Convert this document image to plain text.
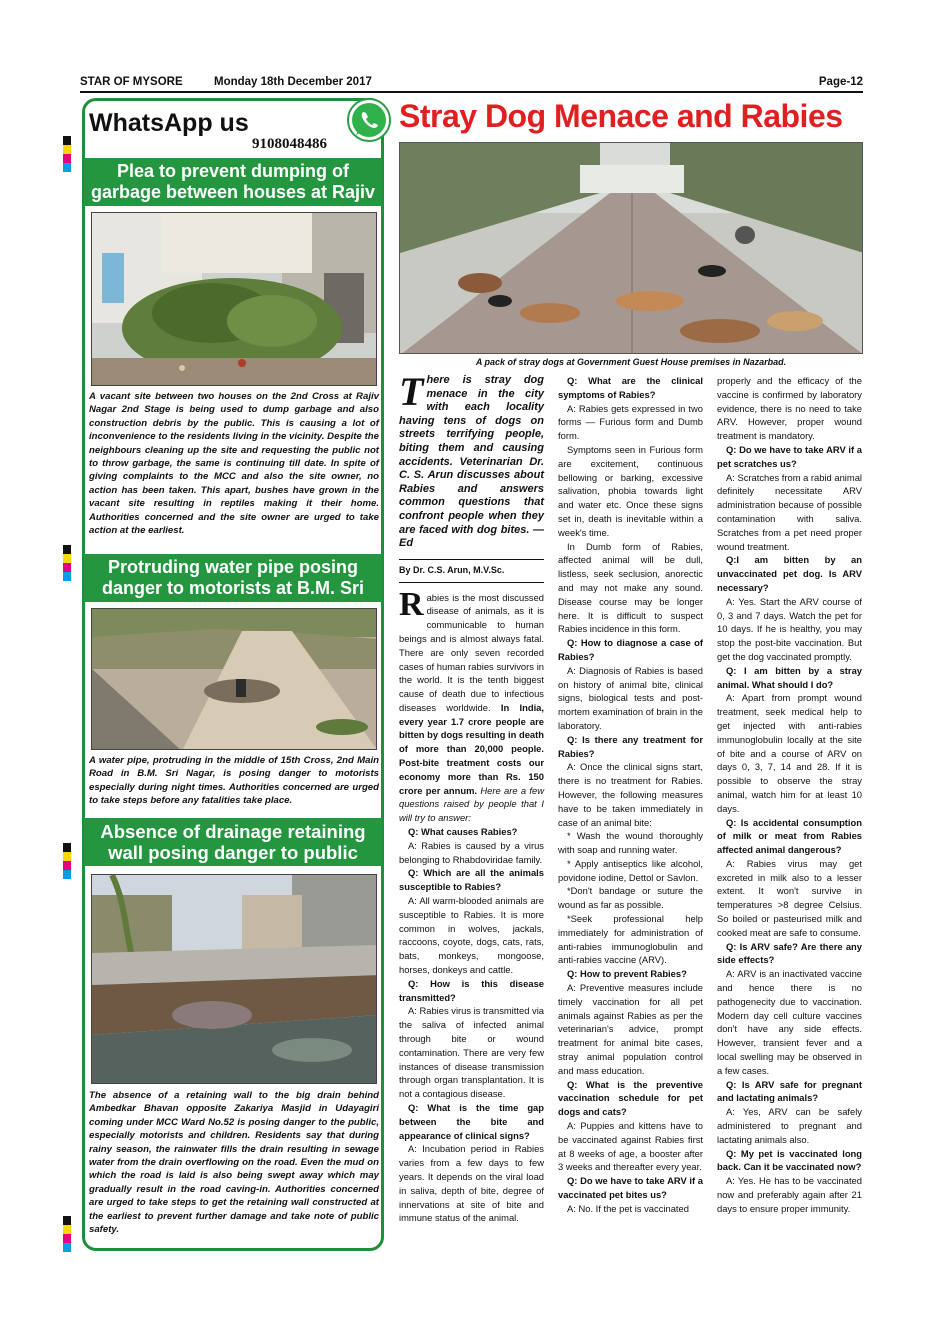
STAR OF MYSORE	Monday 18th December 2017	Page-12
WhatsApp us
9108048486
Plea to prevent dumping of garbage between houses at Rajiv
A vacant site between two houses on the 2nd Cross at Rajiv Nagar 2nd Stage is being used to dump garbage and also construction debris by the public. This is causing a lot of inconvenience to the residents living in the vicinity. Despite the neighbours cleaning up the site and requesting the public not to throw garbage, the same is continuing till date. In spite of giving complaints to the MCC and also the site owner, no action has been taken. This apart, bushes have grown in the vacant site resulting in reptiles making it their home. Authorities concerned and the site owner are urged to take action at the earliest.
Protruding water pipe posing danger to motorists at B.M. Sri
A water pipe, protruding in the middle of 15th Cross, 2nd Main Road in B.M. Sri Nagar, is posing danger to motorists especially during night times. Authorities concerned are urged to take steps before any fatalities take place.
Absence of drainage retaining wall posing danger to public
The absence of a retaining wall to the big drain behind Ambedkar Bhavan opposite Zakariya Masjid in Udayagiri coming under MCC Ward No.52 is posing danger to the public, especially motorists and children. Residents say that during rainy season, the rainwater fills the drain resulting in sewage water from the drain overflowing on the road. Even the mud on which the road is laid is also being swept away which may gradually result in the road caving-in. Authorities concerned are urged to take steps to get the retaining wall constructed at the earliest to prevent further damage and take note of public safety.
Stray Dog Menace and Rabies
A pack of stray dogs at Government Guest House premises in Nazarbad.
There is stray dog menace in the city with each locality having tens of dogs on streets terrifying people, biting them and causing accidents. Veterinarian Dr. C. S. Arun discusses about Rabies and answers common questions that confront people when they are faced with dog bites. —Ed
By Dr. C.S. Arun, M.V.Sc.

Rabies is the most discussed disease of animals, as it is communicable to human beings and is almost always fatal. There are only seven recorded cases of human rabies survivors in the world. It is the tenth biggest cause of death due to infectious diseases worldwide. In India, every year 1.7 crore people are bitten by dogs resulting in death of more than 20,000 people. Post-bite treatment costs our economy more than Rs. 150 crore per annum. Here are a few questions raised by people that I will try to answer:

Q: What causes Rabies?

A: Rabies is caused by a virus belonging to Rhabdoviridae family.

Q: Which are all the animals susceptible to Rabies?

A: All warm-blooded animals are susceptible to Rabies. It is more common in wolves, jackals, raccoons, coyote, dogs, cats, rats, bats, monkeys, mongoose, horses, donkeys and cattle.

Q: How is this disease transmitted?

A: Rabies virus is transmitted via the saliva of infected animal through bite or wound contamination. There are very few instances of disease transmission through organ transplantation. It is not a contagious disease.

Q: What is the time gap between the bite and appearance of clinical signs?

A: Incubation period in Rabies varies from a few days to few years. It depends on the viral load in saliva, depth of bite, degree of innervations at site of bite and immune status of the animal.

Q: What are the clinical symptoms of Rabies?

A: Rabies gets expressed in two forms — Furious form and Dumb form.

Symptoms seen in Furious form are excitement, continuous bellowing or barking, excessive salivation, phobia towards light and water etc. Once these signs set in, death is inevitable within a week's time.

In Dumb form of Rabies, affected animal will be dull, listless, seek seclusion, anorectic and may not make any sound. Disease course may be longer here. It is difficult to suspect Rabies incidence in this form.

Q: How to diagnose a case of Rabies?

A: Diagnosis of Rabies is based on history of animal bite, clinical signs, biological tests and post-mortem examination of brain in the laboratory.

Q: Is there any treatment for Rabies?

A: Once the clinical signs start, there is no treatment for Rabies. However, the following measures have to be taken immediately in case of an animal bite:

* Wash the wound thoroughly with soap and running water.

* Apply antiseptics like alcohol, povidone iodine, Dettol or Savlon.

*Don't bandage or suture the wound as far as possible.

*Seek professional help immediately for administration of anti-rabies immunoglobulin and anti-rabies vaccine (ARV).

Q: How to prevent Rabies?

A: Preventive measures include timely vaccination for all pet animals against Rabies as per the veterinarian's advice, prompt treatment for animal bite cases, stray animal population control and mass education.

Q: What is the preventive vaccination schedule for pet dogs and cats?

A: Puppies and kittens have to be vaccinated against Rabies first at 8 weeks of age, a booster after 3 weeks and thereafter every year.

Q: Do we have to take ARV if a vaccinated pet bites us?

A: No. If the pet is vaccinated

properly and the efficacy of the vaccine is confirmed by laboratory evidence, there is no need to take ARV. However, proper wound treatment is mandatory.

Q: Do we have to take ARV if a pet scratches us?

A: Scratches from a rabid animal definitely necessitate ARV administration because of possible contamination with saliva. Scratches from a pet need proper wound treatment.

Q:I am bitten by an unvaccinated pet dog. Is ARV necessary?

A: Yes. Start the ARV course of 0, 3 and 7 days. Watch the pet for 10 days. If he is healthy, you may stop the post-bite vaccination. But get the dog vaccinated promptly.

Q: I am bitten by a stray animal. What should I do?

A: Apart from prompt wound treatment, seek medical help to get injected with anti-rabies immunoglobulin locally at the site of bite and a course of ARV on days 0, 3, 7, 14 and 28. If it is possible to observe the stray animal, watch him for at least 10 days.

Q: Is accidental consumption of milk or meat from Rabies affected animal dangerous?

A: Rabies virus may get excreted in milk also to a lesser extent. It won't survive in temperatures >8 degree Celsius. So boiled or pasteurised milk and cooked meat are safe to consume.

Q: Is ARV safe? Are there any side effects?

A: ARV is an inactivated vaccine and hence there is no pathogenecity due to vaccination. Modern day cell culture vaccines don't have any side effects. However, transient fever and a local swelling may be observed in a few cases.

Q: Is ARV safe for pregnant and lactating animals?

A: Yes, ARV can be safely administered to pregnant and lactating animals also.

Q: My pet is vaccinated long back. Can it be vaccinated now?

A: Yes. He has to be vaccinated now and preferably again after 21 days to ensure proper immunity.
